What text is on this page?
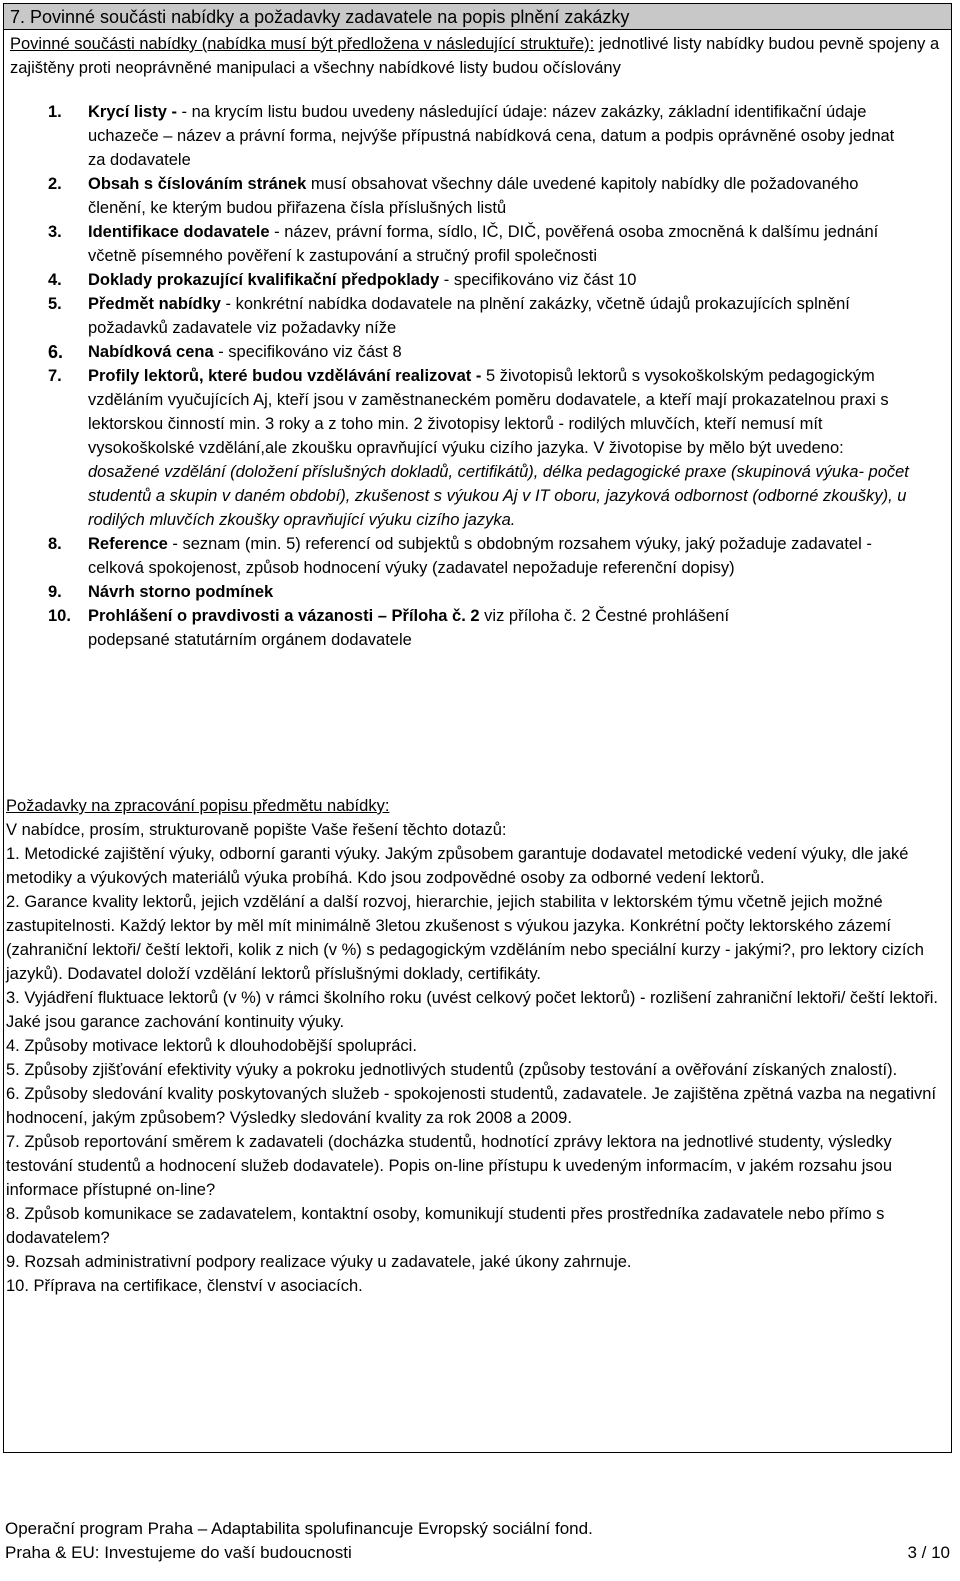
7. Povinné součásti nabídky a požadavky zadavatele na popis plnění zakázky

Povinné součásti nabídky (nabídka musí být předložena v následující struktuře): jednotlivé listy nabídky budou pevně spojeny a zajištěny proti neoprávněné manipulaci a všechny nabídkové listy budou očíslovány

1. Krycí listy - - na krycím listu budou uvedeny následující údaje: název zakázky, základní identifikační údaje uchazeče – název a právní forma, nejvýše přípustná nabídková cena, datum a podpis oprávněné osoby jednat za dodavatele
2. Obsah s číslováním stránek musí obsahovat všechny dále uvedené kapitoly nabídky dle požadovaného členění, ke kterým budou přiřazena čísla příslušných listů
3. Identifikace dodavatele - název, právní forma, sídlo, IČ, DIČ, pověřená osoba zmocněná k dalšímu jednání včetně písemného pověření k zastupování a stručný profil společnosti
4. Doklady prokazující kvalifikační předpoklady - specifikováno viz část 10
5. Předmět nabídky - konkrétní nabídka dodavatele na plnění zakázky, včetně údajů prokazujících splnění požadavků zadavatele viz požadavky níže
6. Nabídková cena - specifikováno viz část 8
7. Profily lektorů, které budou vzdělávání realizovat - 5 životopisů lektorů s vysokoškolským pedagogickým vzděláním vyučujících Aj, kteří jsou v zaměstnaneckém poměru dodavatele, a kteří mají prokazatelnou praxi s lektorskou činností min. 3 roky a z toho min. 2 životopisy lektorů - rodilých mluvčích, kteří nemusí mít vysokoškolské vzdělání,ale zkoušku opravňující výuku cizího jazyka. V životopise by mělo být uvedeno: dosažené vzdělání (doložení příslušných dokladů, certifikátů), délka pedagogické praxe (skupinová výuka- počet studentů a skupin v daném období), zkušenost s výukou Aj v IT oboru, jazyková odbornost (odborné zkoušky), u rodilých mluvčích zkoušky opravňující výuku cizího jazyka.
8. Reference - seznam (min. 5) referencí od subjektů s obdobným rozsahem výuky, jaký požaduje zadavatel - celková spokojenost, způsob hodnocení výuky (zadavatel nepožaduje referenční dopisy)
9. Návrh storno podmínek
10. Prohlášení o pravdivosti a vázanosti – Příloha č. 2 viz příloha č. 2 Čestné prohlášení
podepsané statutárním orgánem dodavatele

Požadavky na zpracování popisu předmětu nabídky:

V nabídce, prosím, strukturovaně popište Vaše řešení těchto dotazů:

1. Metodické zajištění výuky, odborní garanti výuky. Jakým způsobem garantuje dodavatel metodické vedení výuky, dle jaké metodiky a výukových materiálů výuka probíhá. Kdo jsou zodpovědné osoby za odborné vedení lektorů.

2. Garance kvality lektorů, jejich vzdělání a další rozvoj, hierarchie, jejich stabilita v lektorském týmu včetně jejich možné zastupitelnosti. Každý lektor by měl mít minimálně 3letou zkušenost s výukou jazyka. Konkrétní počty lektorského zázemí (zahraniční lektoři/ čeští lektoři, kolik z nich (v %) s pedagogickým vzděláním nebo speciální kurzy - jakými?, pro lektory cizích jazyků). Dodavatel doloží vzdělání lektorů příslušnými doklady, certifikáty.

3. Vyjádření fluktuace lektorů (v %) v rámci školního roku (uvést celkový počet lektorů) - rozlišení zahraniční lektoři/ čeští lektoři. Jaké jsou garance zachování kontinuity výuky.

4. Způsoby motivace lektorů k dlouhodobější spolupráci.

5. Způsoby zjišťování efektivity výuky a pokroku jednotlivých studentů (způsoby testování a ověřování získaných znalostí).

6. Způsoby sledování kvality poskytovaných služeb - spokojenosti studentů, zadavatele. Je zajištěna zpětná vazba na negativní hodnocení, jakým způsobem? Výsledky sledování kvality za rok 2008 a 2009.

7. Způsob reportování směrem k zadavateli (docházka studentů, hodnotící zprávy lektora na jednotlivé studenty, výsledky testování studentů a hodnocení služeb dodavatele). Popis on-line přístupu k uvedeným informacím, v jakém rozsahu jsou informace přístupné on-line?

8. Způsob komunikace se zadavatelem, kontaktní osoby, komunikují studenti přes prostředníka zadavatele nebo přímo s dodavatelem?

9. Rozsah administrativní podpory realizace výuky u zadavatele, jaké úkony zahrnuje.

10. Příprava na certifikace, členství v asociacích.

Operační program Praha – Adaptabilita spolufinancuje Evropský sociální fond.
Praha & EU: Investujeme do vaší budoucnosti	3 / 10
